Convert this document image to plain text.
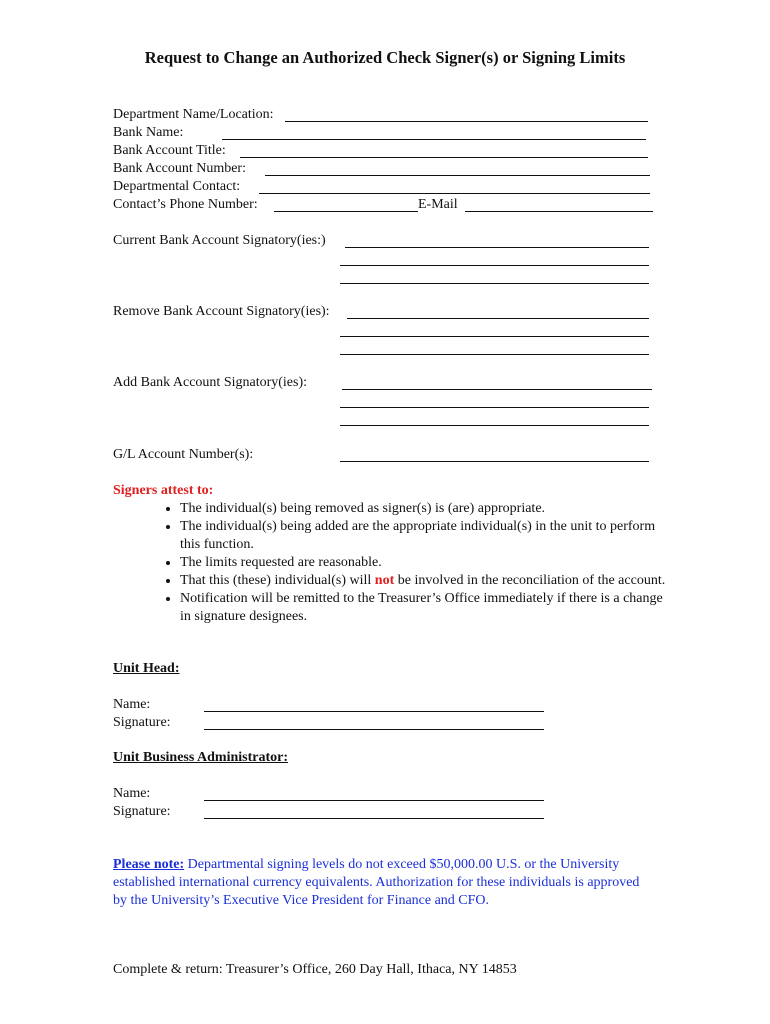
Request to Change an Authorized Check Signer(s) or Signing Limits
Department Name/Location:
Bank Name:
Bank Account Title:
Bank Account Number:
Departmental Contact:
Contact’s Phone Number:	E-Mail
Current Bank Account Signatory(ies:)
Remove Bank Account Signatory(ies):
Add Bank Account Signatory(ies):
G/L Account Number(s):
Signers attest to:
• The individual(s) being removed as signer(s) is (are) appropriate.
• The individual(s) being added are the appropriate individual(s) in the unit to perform this function.
• The limits requested are reasonable.
• That this (these) individual(s) will not be involved in the reconciliation of the account.
• Notification will be remitted to the Treasurer’s Office immediately if there is a change in signature designees.
Unit Head:
Name:
Signature:
Unit Business Administrator:
Name:
Signature:
Please note: Departmental signing levels do not exceed $50,000.00 U.S. or the University established international currency equivalents. Authorization for these individuals is approved by the University’s Executive Vice President for Finance and CFO.
Complete & return: Treasurer’s Office, 260 Day Hall, Ithaca, NY 14853
